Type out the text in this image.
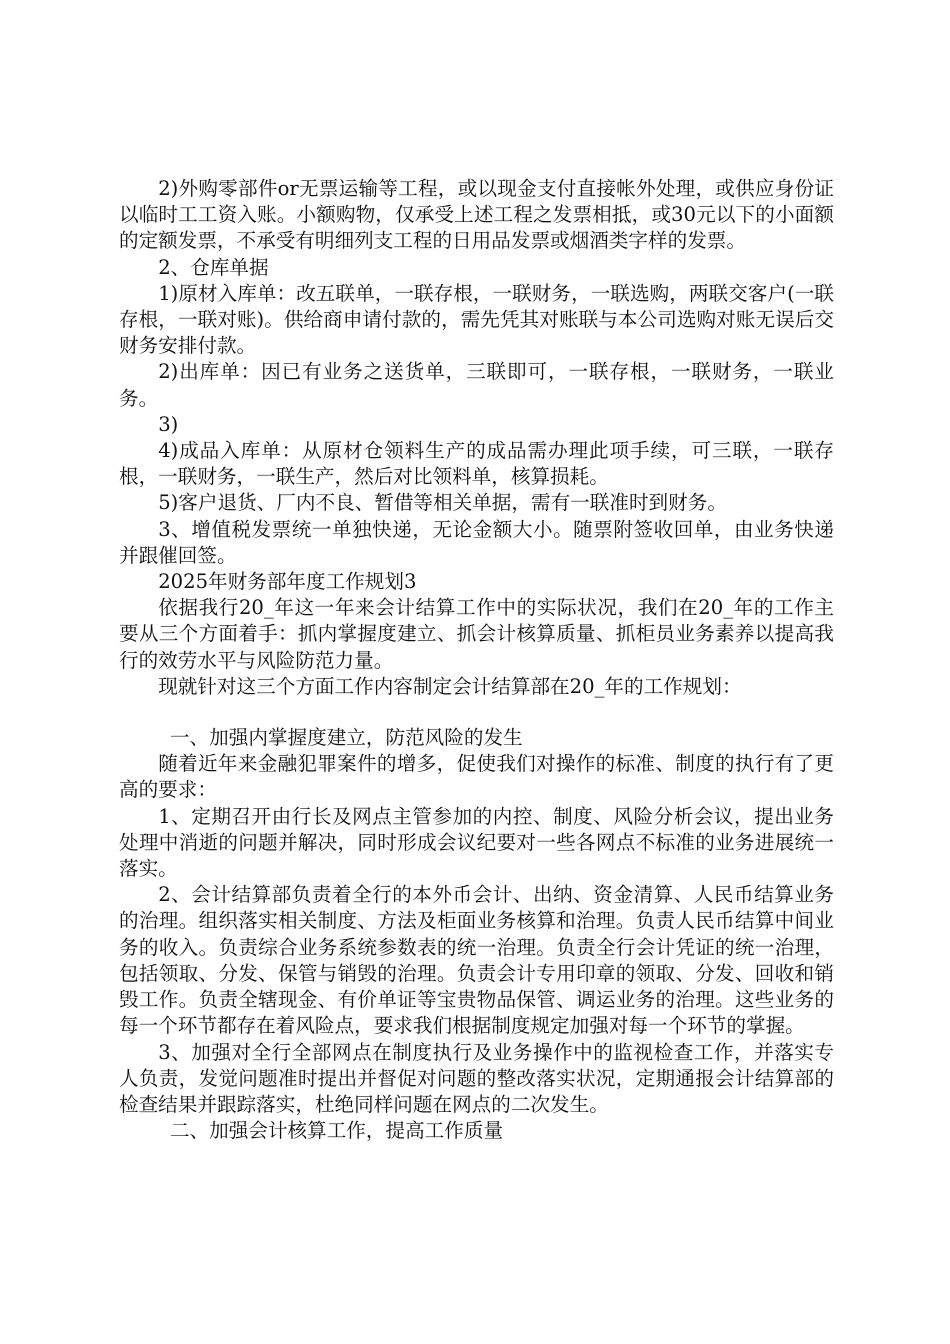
2)外购零部件or无票运输等工程，或以现金支付直接帐外处理，或供应身份证以临时工工资入账。小额购物，仅承受上述工程之发票相抵，或30元以下的小面额的定额发票，不承受有明细列支工程的日用品发票或烟酒类字样的发票。

2、仓库单据

1)原材入库单：改五联单，一联存根，一联财务，一联选购，两联交客户(一联存根，一联对账)。供给商申请付款的，需先凭其对账联与本公司选购对账无误后交财务安排付款。

2)出库单：因已有业务之送货单，三联即可，一联存根，一联财务，一联业务。

3)

4)成品入库单：从原材仓领料生产的成品需办理此项手续，可三联，一联存根，一联财务，一联生产，然后对比领料单，核算损耗。

5)客户退货、厂内不良、暂借等相关单据，需有一联准时到财务。

3、增值税发票统一单独快递，无论金额大小。随票附签收回单，由业务快递并跟催回签。

2025年财务部年度工作规划3

依据我行20_年这一年来会计结算工作中的实际状况，我们在20_年的工作主要从三个方面着手：抓内掌握度建立、抓会计核算质量、抓柜员业务素养以提高我行的效劳水平与风险防范力量。

现就针对这三个方面工作内容制定会计结算部在20_年的工作规划：

一、加强内掌握度建立，防范风险的发生

随着近年来金融犯罪案件的增多，促使我们对操作的标准、制度的执行有了更高的要求：

1、定期召开由行长及网点主管参加的内控、制度、风险分析会议，提出业务处理中消逝的问题并解决，同时形成会议纪要对一些各网点不标准的业务进展统一落实。

2、会计结算部负责着全行的本外币会计、出纳、资金清算、人民币结算业务的治理。组织落实相关制度、方法及柜面业务核算和治理。负责人民币结算中间业务的收入。负责综合业务系统参数表的统一治理。负责全行会计凭证的统一治理，包括领取、分发、保管与销毁的治理。负责会计专用印章的领取、分发、回收和销毁工作。负责全辖现金、有价单证等宝贵物品保管、调运业务的治理。这些业务的每一个环节都存在着风险点，要求我们根据制度规定加强对每一个环节的掌握。

3、加强对全行全部网点在制度执行及业务操作中的监视检查工作，并落实专人负责，发觉问题准时提出并督促对问题的整改落实状况，定期通报会计结算部的检查结果并跟踪落实，杜绝同样问题在网点的二次发生。

二、加强会计核算工作，提高工作质量
